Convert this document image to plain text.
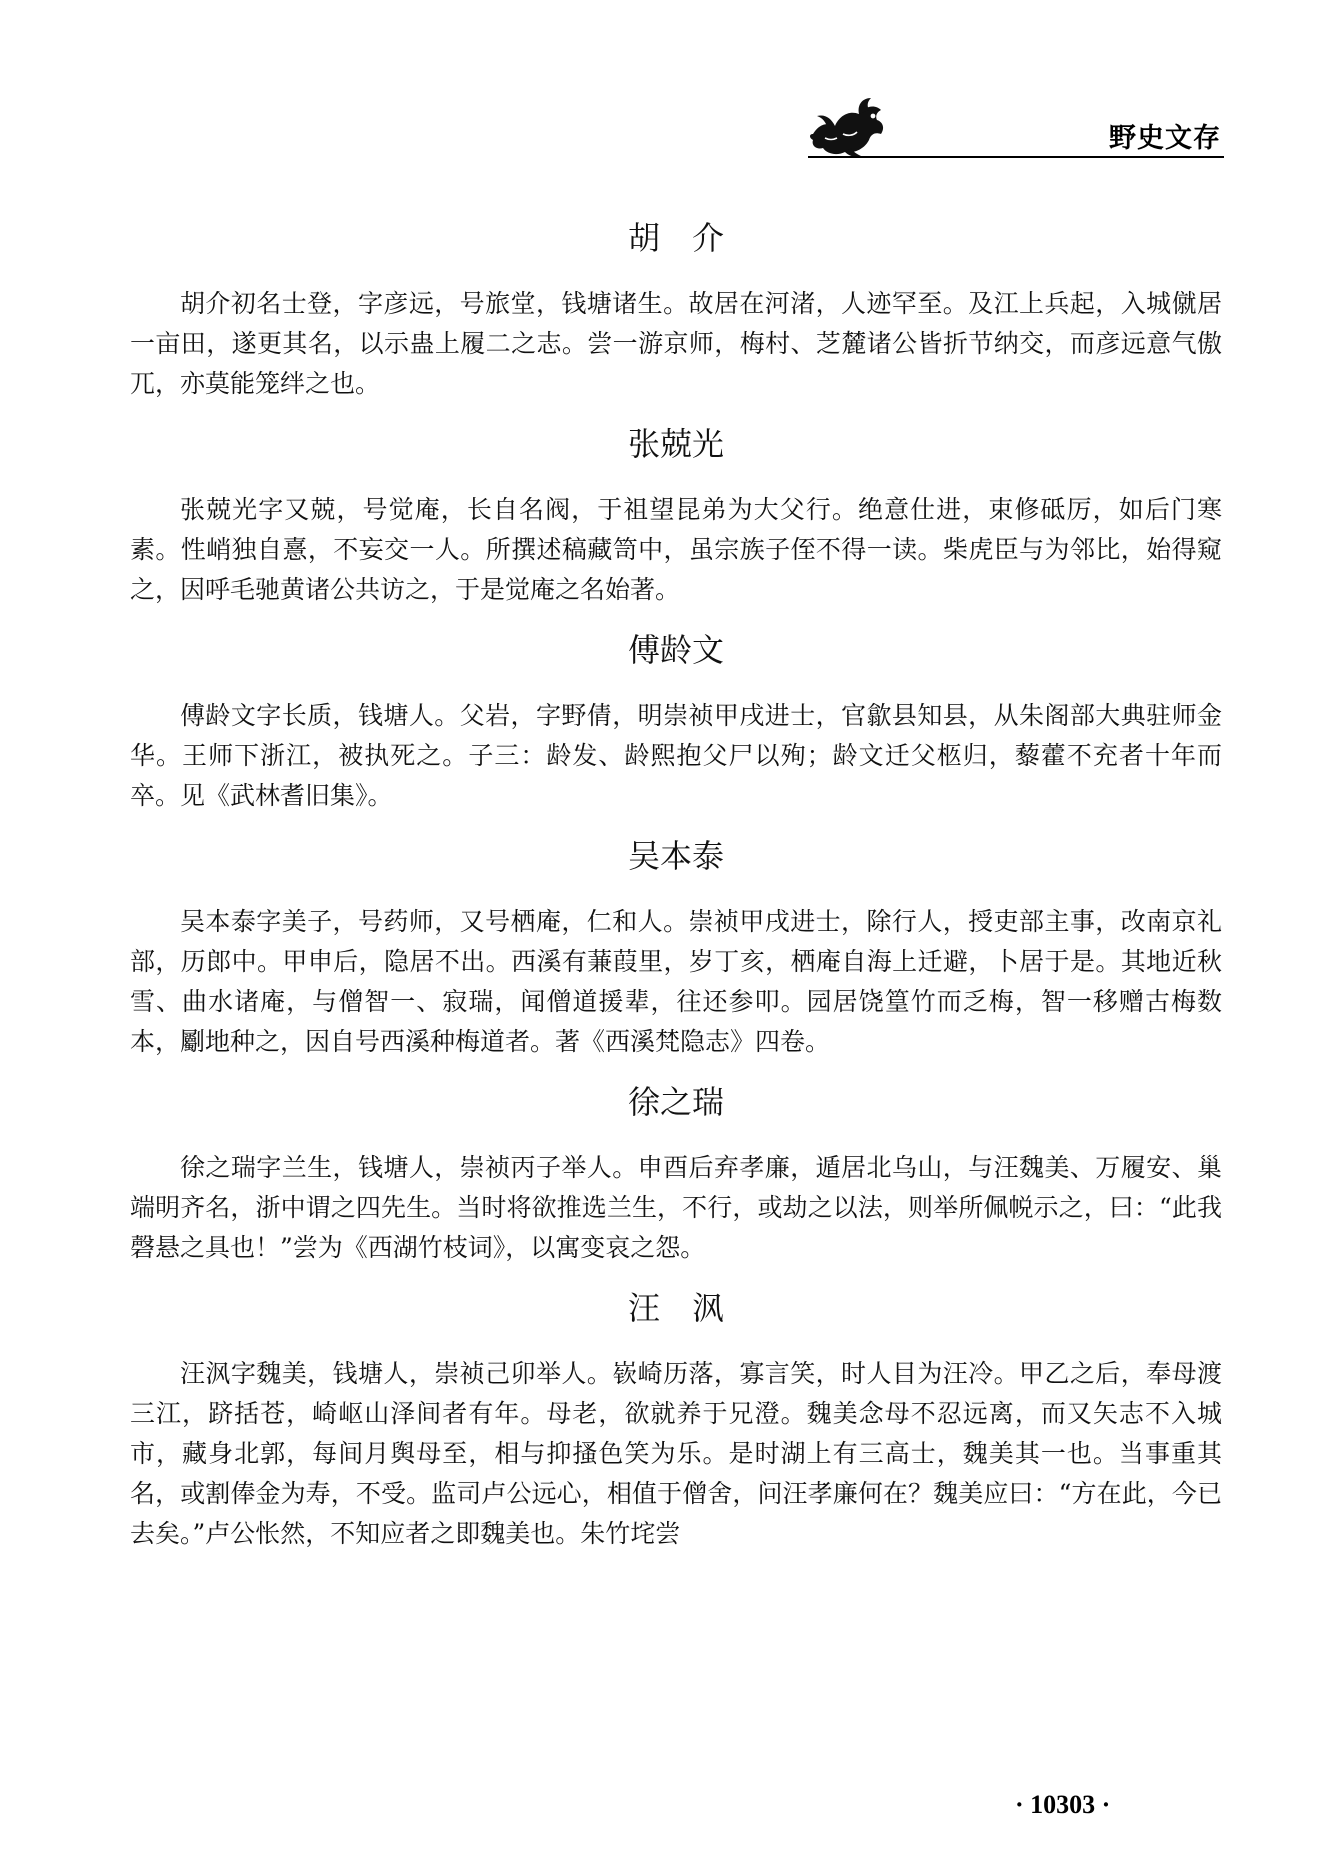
野史文存
胡　介

胡介初名士登，字彦远，号旅堂，钱塘诸生。故居在河渚，人迹罕至。及江上兵起，入城僦居一亩田，遂更其名，以示蛊上履二之志。尝一游京师，梅村、芝麓诸公皆折节纳交，而彦远意气傲兀，亦莫能笼绊之也。

张兢光

张兢光字又兢，号觉庵，长自名阀，于祖望昆弟为大父行。绝意仕进，束修砥厉，如后门寒素。性峭独自憙，不妄交一人。所撰述稿藏笥中，虽宗族子侄不得一读。柴虎臣与为邻比，始得窥之，因呼毛驰黄诸公共访之，于是觉庵之名始著。

傅龄文

傅龄文字长质，钱塘人。父岩，字野倩，明崇祯甲戌进士，官歙县知县，从朱阁部大典驻师金华。王师下浙江，被执死之。子三：龄发、龄熙抱父尸以殉；龄文迁父柩归，藜藿不充者十年而卒。见《武林耆旧集》。

吴本泰

吴本泰字美子，号药师，又号栖庵，仁和人。崇祯甲戌进士，除行人，授吏部主事，改南京礼部，历郎中。甲申后，隐居不出。西溪有蒹葭里，岁丁亥，栖庵自海上迁避，卜居于是。其地近秋雪、曲水诸庵，与僧智一、寂瑞，闻僧道援辈，往还参叩。园居饶篁竹而乏梅，智一移赠古梅数本，劚地种之，因自号西溪种梅道者。著《西溪梵隐志》四卷。

徐之瑞

徐之瑞字兰生，钱塘人，崇祯丙子举人。申酉后弃孝廉，遁居北乌山，与汪魏美、万履安、巢端明齐名，浙中谓之四先生。当时将欲推选兰生，不行，或劫之以法，则举所佩帨示之，曰：“此我磬悬之具也！”尝为《西湖竹枝词》，以寓变哀之怨。

汪　沨

汪沨字魏美，钱塘人，崇祯己卯举人。嵚崎历落，寡言笑，时人目为汪冷。甲乙之后，奉母渡三江，跻括苍，崎岖山泽间者有年。母老，欲就养于兄澄。魏美念母不忍远离，而又矢志不入城市，藏身北郭，每间月舆母至，相与抑搔色笑为乐。是时湖上有三高士，魏美其一也。当事重其名，或割俸金为寿，不受。监司卢公远心，相值于僧舍，问汪孝廉何在？魏美应曰：“方在此，今已去矣。”卢公怅然，不知应者之即魏美也。朱竹垞尝

· 10303 ·
